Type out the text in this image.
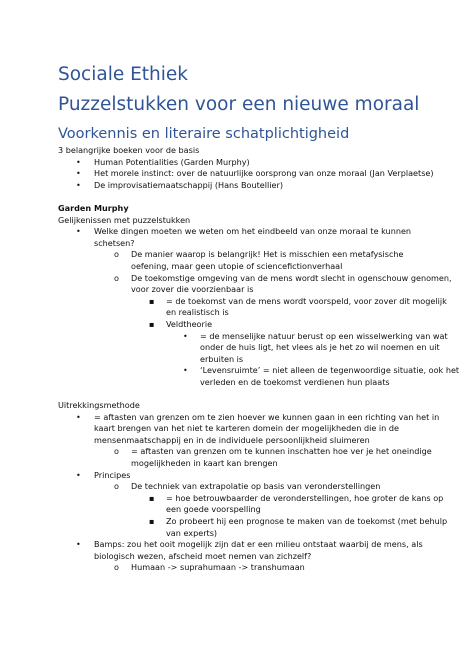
Sociale Ethiek
Puzzelstukken voor een nieuwe moraal
Voorkennis en literaire schatplichtigheid
3 belangrijke boeken voor de basis
• Human Potentialities (Garden Murphy)
• Het morele instinct: over de natuurlijke oorsprong van onze moraal (Jan Verplaetse)
• De improvisatiemaatschappij (Hans Boutellier)
Garden Murphy
Gelijkenissen met puzzelstukken
• Welke dingen moeten we weten om het eindbeeld van onze moraal te kunnen
schetsen?
o De manier waarop is belangrijk! Het is misschien een metafysische oefening, maar geen utopie of sciencefictionverhaal
o De toekomstige omgeving van de mens wordt slecht in ogenschouw genomen,
voor zover die voorzienbaar is
▪ = de toekomst van de mens wordt voorspeld, voor zover dit mogelijk
en realistisch is
▪ Veldtheorie
• = de menselijke natuur berust op een wisselwerking van wat
onder de huis ligt, het vlees als je het zo wil noemen en uit
erbuiten is
• ‘Levensruimte’ = niet alleen de tegenwoordige situatie, ook het
verleden en de toekomst verdienen hun plaats
Uitrekkingsmethode
• = aftasten van grenzen om te zien hoever we kunnen gaan in een richting van het in
kaart brengen van het niet te karteren domein der mogelijkheden die in de
mensenmaatschappij en in de individuele persoonlijkheid sluimeren
o = aftasten van grenzen om te kunnen inschatten hoe ver je het oneindige
mogelijkheden in kaart kan brengen
• Principes
o De techniek van extrapolatie op basis van veronderstellingen
▪ = hoe betrouwbaarder de veronderstellingen, hoe groter de kans op
een goede voorspelling
▪ Zo probeert hij een prognose te maken van de toekomst (met behulp
van experts)
• Bamps: zou het ooit mogelijk zijn dat er een milieu ontstaat waarbij de mens, als
biologisch wezen, afscheid moet nemen van zichzelf?
o Humaan -> suprahumaan -> transhumaan
